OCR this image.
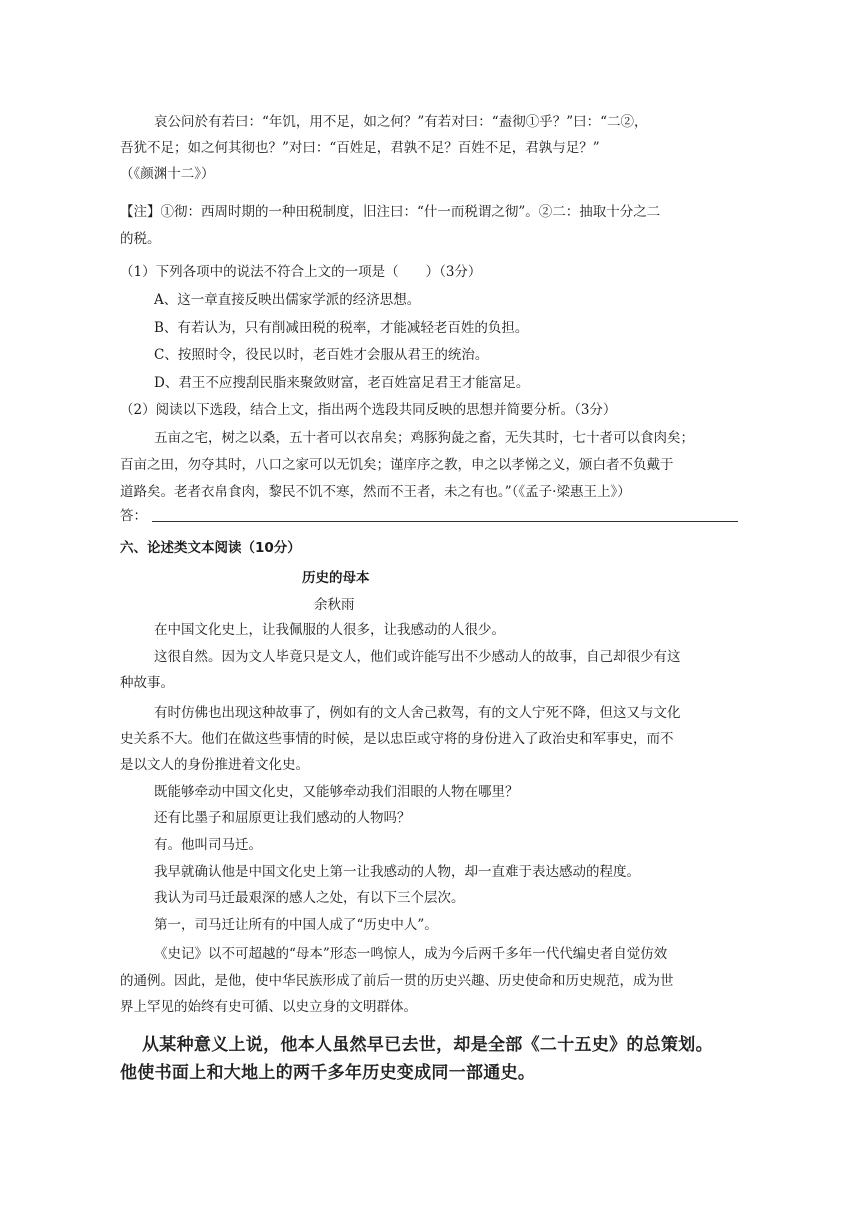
哀公问於有若曰：“年饥，用不足，如之何？”有若对曰：“盍彻①乎？”曰：“二②，
吾犹不足；如之何其彻也？”对曰：“百姓足，君孰不足？百姓不足，君孰与足？”
（《颜渊十二》）
【注】①彻：西周时期的一种田税制度，旧注曰：“什一而税谓之彻”。②二：抽取十分之二
的税。
（1）下列各项中的说法不符合上文的一项是（　　）（3分）
A、这一章直接反映出儒家学派的经济思想。
B、有若认为，只有削减田税的税率，才能减轻老百姓的负担。
C、按照时令，役民以时，老百姓才会服从君王的统治。
D、君王不应搜刮民脂来聚敛财富，老百姓富足君王才能富足。
（2）阅读以下选段，结合上文，指出两个选段共同反映的思想并简要分析。（3分）
五亩之宅，树之以桑，五十者可以衣帛矣；鸡豚狗彘之畜，无失其时，七十者可以食肉矣；
百亩之田，勿夺其时，八口之家可以无饥矣；谨庠序之教，申之以孝悌之义，颁白者不负戴于
道路矣。老者衣帛食肉，黎民不饥不寒，然而不王者，未之有也。”（《孟子·梁惠王上》）
答：
六、论述类文本阅读（10分）
历史的母本
余秋雨
在中国文化史上，让我佩服的人很多，让我感动的人很少。
这很自然。因为文人毕竟只是文人，他们或许能写出不少感动人的故事，自己却很少有这
种故事。
有时仿佛也出现这种故事了，例如有的文人舍己救驾，有的文人宁死不降，但这又与文化
史关系不大。他们在做这些事情的时候，是以忠臣或守将的身份进入了政治史和军事史，而不
是以文人的身份推进着文化史。
既能够牵动中国文化史，又能够牵动我们泪眼的人物在哪里？
还有比墨子和屈原更让我们感动的人物吗？
有。他叫司马迁。
我早就确认他是中国文化史上第一让我感动的人物，却一直难于表达感动的程度。
我认为司马迁最艰深的感人之处，有以下三个层次。
第一，司马迁让所有的中国人成了“历史中人”。
《史记》以不可超越的“母本”形态一鸣惊人，成为今后两千多年一代代编史者自觉仿效
的通例。因此，是他，使中华民族形成了前后一贯的历史兴趣、历史使命和历史规范，成为世
界上罕见的始终有史可循、以史立身的文明群体。
从某种意义上说，他本人虽然早已去世，却是全部《二十五史》的总策划。
他使书面上和大地上的两千多年历史变成同一部通史。
